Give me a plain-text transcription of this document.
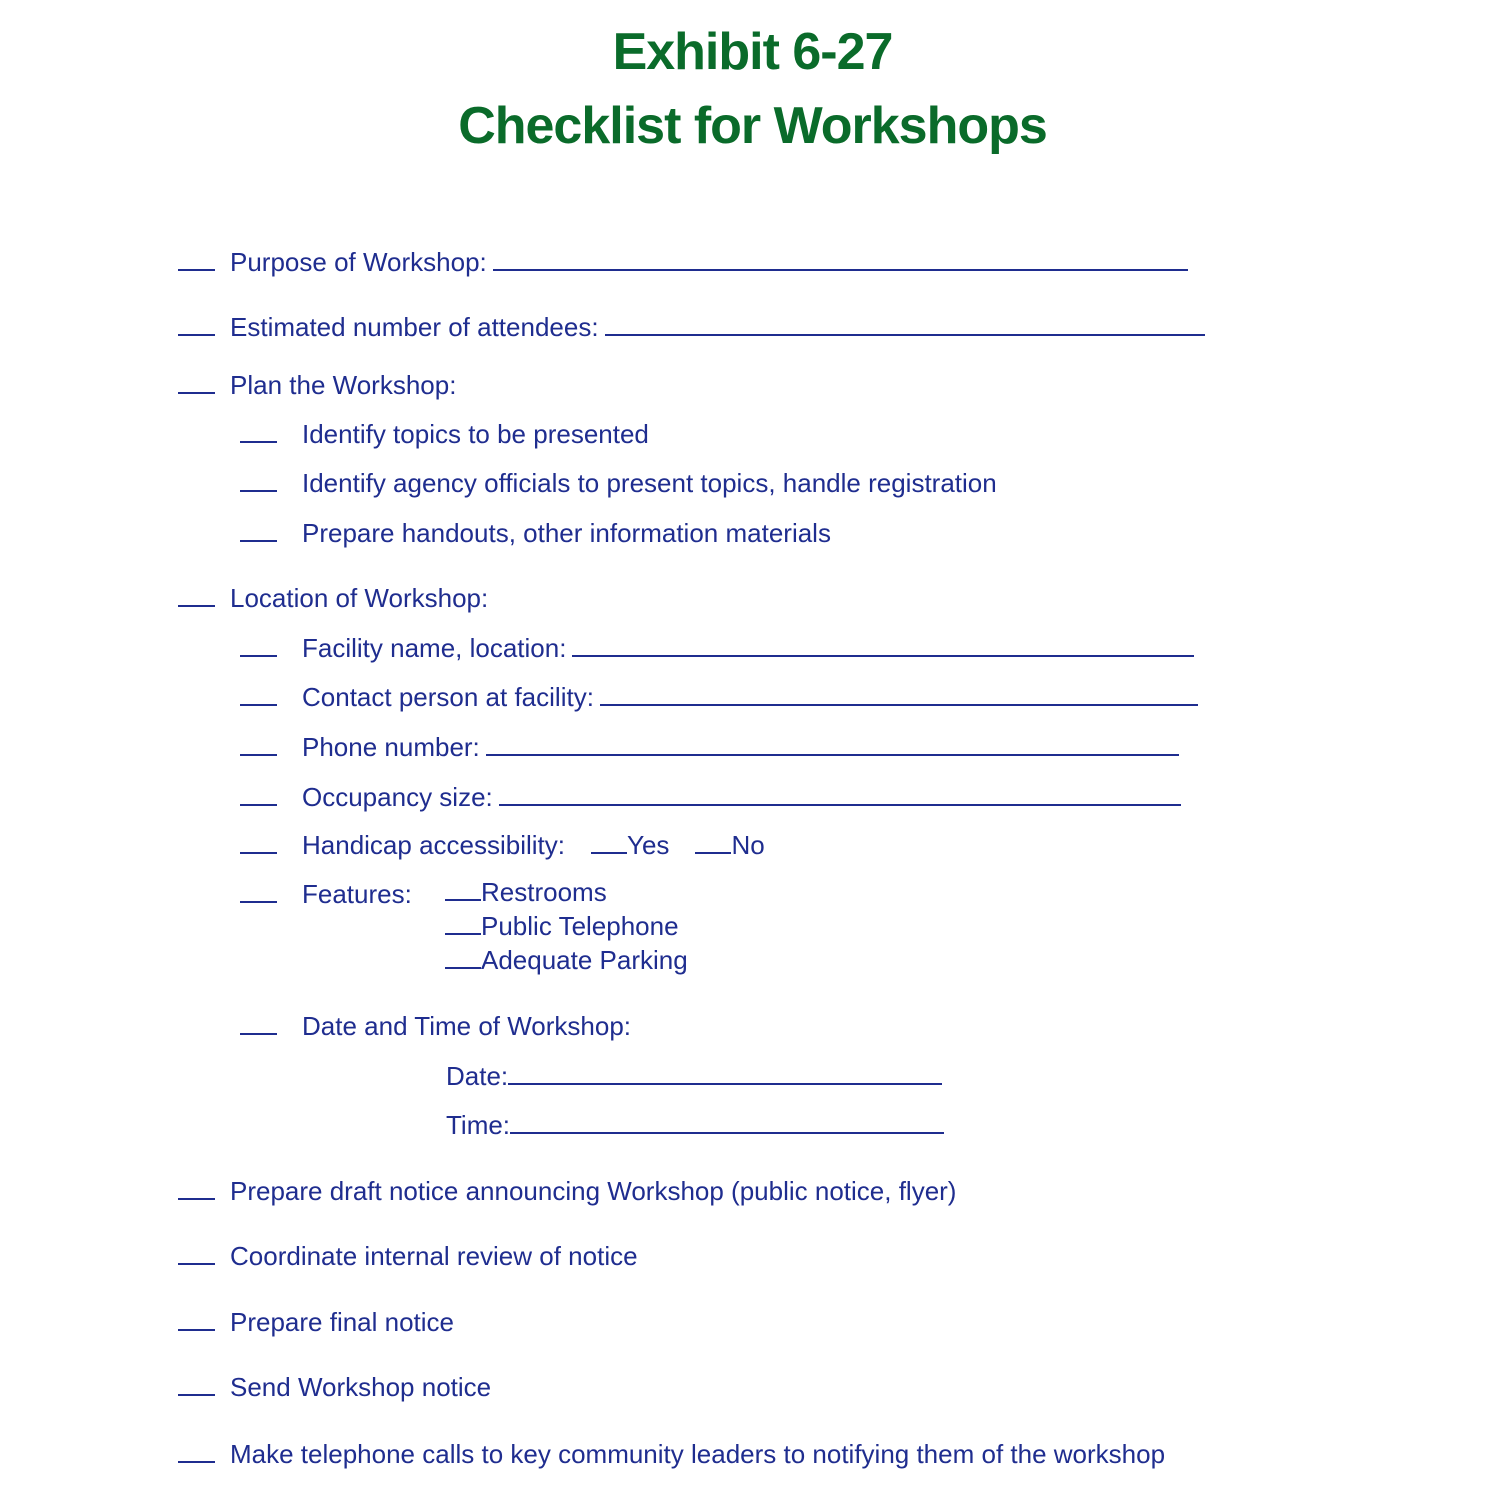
Exhibit 6-27
Checklist for Workshops
Purpose of Workshop:
Estimated number of attendees:
Plan the Workshop:
Identify topics to be presented
Identify agency officials to present topics, handle registration
Prepare handouts, other information materials
Location of Workshop:
Facility name, location:
Contact person at facility:
Phone number:
Occupancy size:
Handicap accessibility: Yes No
Features:	Restrooms
Public Telephone
Adequate Parking
Date and Time of Workshop:
Date:
Time:
Prepare draft notice announcing Workshop (public notice, flyer)
Coordinate internal review of notice
Prepare final notice
Send Workshop notice
Make telephone calls to key community leaders to notifying them of the workshop
